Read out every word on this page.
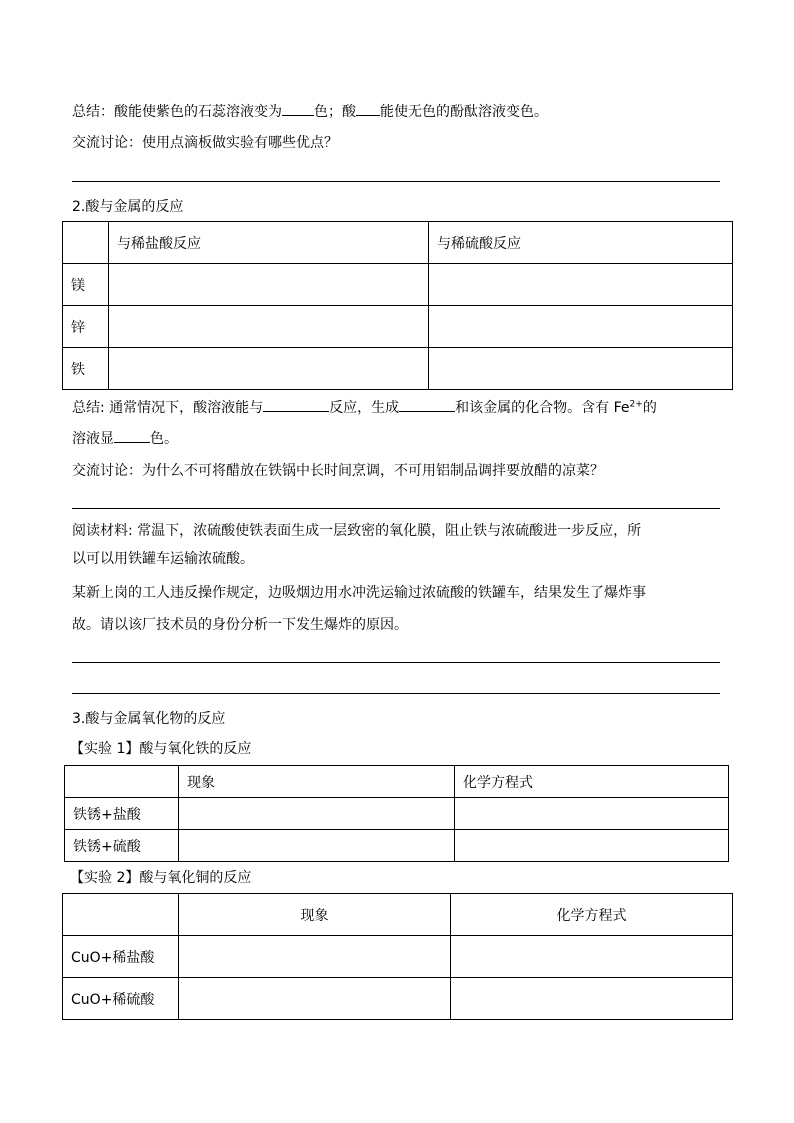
总结：酸能使紫色的石蕊溶液变为 色；酸 能使无色的酚酞溶液变色。
交流讨论：使用点滴板做实验有哪些优点？
2.酸与金属的反应
	与稀盐酸反应	与稀硫酸反应
镁		
锌		
铁		
总结: 通常情况下，酸溶液能与	反应，生成	和该金属的化合物。含有 $Fe^{2+}$的
溶液显	色。
交流讨论：为什么不可将醋放在铁锅中长时间烹调，不可用铝制品调拌要放醋的凉菜？
阅读材料: 常温下，浓硫酸使铁表面生成一层致密的氧化膜，阻止铁与浓硫酸进一步反应，所
以可以用铁罐车运输浓硫酸。
某新上岗的工人违反操作规定，边吸烟边用水冲洗运输过浓硫酸的铁罐车，结果发生了爆炸事
故。请以该厂技术员的身份分析一下发生爆炸的原因。
3.酸与金属氧化物的反应
【实验 1】酸与氧化铁的反应
	现象	化学方程式
铁锈+盐酸		
铁锈+硫酸		
【实验 2】酸与氧化铜的反应
	现象	化学方程式
CuO+稀盐酸		
CuO+稀硫酸		
